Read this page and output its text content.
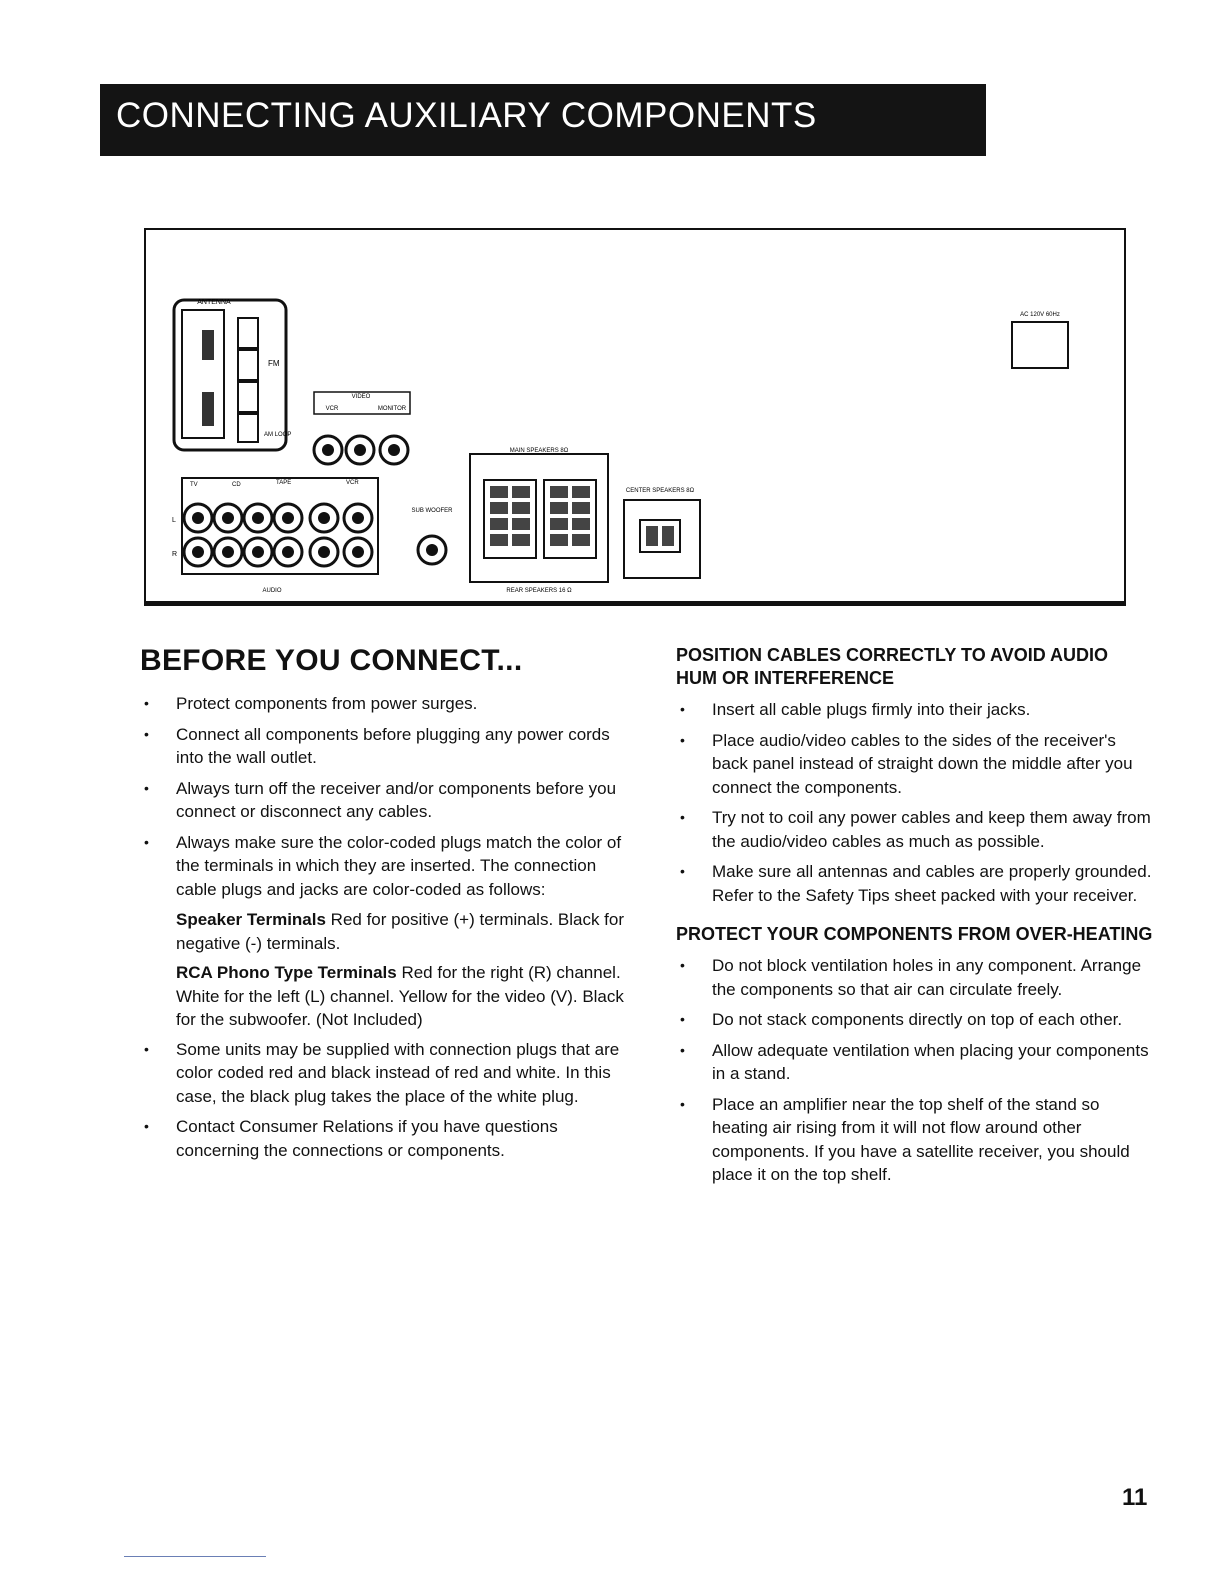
CONNECTING AUXILIARY COMPONENTS
ANTENNA
FM
AM LOOP
VIDEO
VCR	MONITOR
TV	CD	TAPE	VCR
AUDIO
L
R
SUB WOOFER
MAIN SPEAKERS 8Ω
REAR SPEAKERS 16 Ω
CENTER SPEAKERS 8Ω
AC 120V 60Hz
BEFORE YOU CONNECT...
• Protect components from power surges.
• Connect all components before plugging any power cords into the wall outlet.
• Always turn off the receiver and/or components before you connect or disconnect any cables.
• Always make sure the color-coded plugs match the color of the terminals in which they are inserted. The connection cable plugs and jacks are color-coded as follows:
Speaker Terminals Red for positive (+) terminals. Black for negative (-) terminals.
RCA Phono Type Terminals Red for the right (R) channel. White for the left (L) channel. Yellow for the video (V). Black for the subwoofer. (Not Included)
• Some units may be supplied with connection plugs that are color coded red and black instead of red and white. In this case, the black plug takes the place of the white plug.
• Contact Consumer Relations if you have questions concerning the connections or components.
POSITION CABLES CORRECTLY TO AVOID AUDIO HUM OR INTERFERENCE
• Insert all cable plugs firmly into their jacks.
• Place audio/video cables to the sides of the receiver's back panel instead of straight down the middle after you connect the components.
• Try not to coil any power cables and keep them away from the audio/video cables as much as possible.
• Make sure all antennas and cables are properly grounded. Refer to the Safety Tips sheet packed with your receiver.
PROTECT YOUR COMPONENTS FROM OVER-HEATING
• Do not block ventilation holes in any component. Arrange the components so that air can circulate freely.
• Do not stack components directly on top of each other.
• Allow adequate ventilation when placing your components in a stand.
• Place an amplifier near the top shelf of the stand so heating air rising from it will not flow around other components. If you have a satellite receiver, you should place it on the top shelf.
11
